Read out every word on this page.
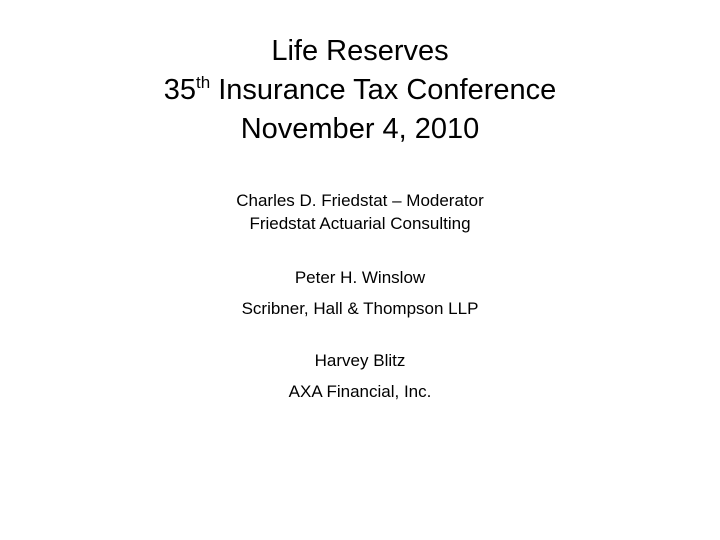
Life Reserves
35th Insurance Tax Conference
November 4, 2010
Charles D. Friedstat – Moderator
Friedstat Actuarial Consulting
Peter H. Winslow
Scribner, Hall & Thompson LLP
Harvey Blitz
AXA Financial, Inc.
